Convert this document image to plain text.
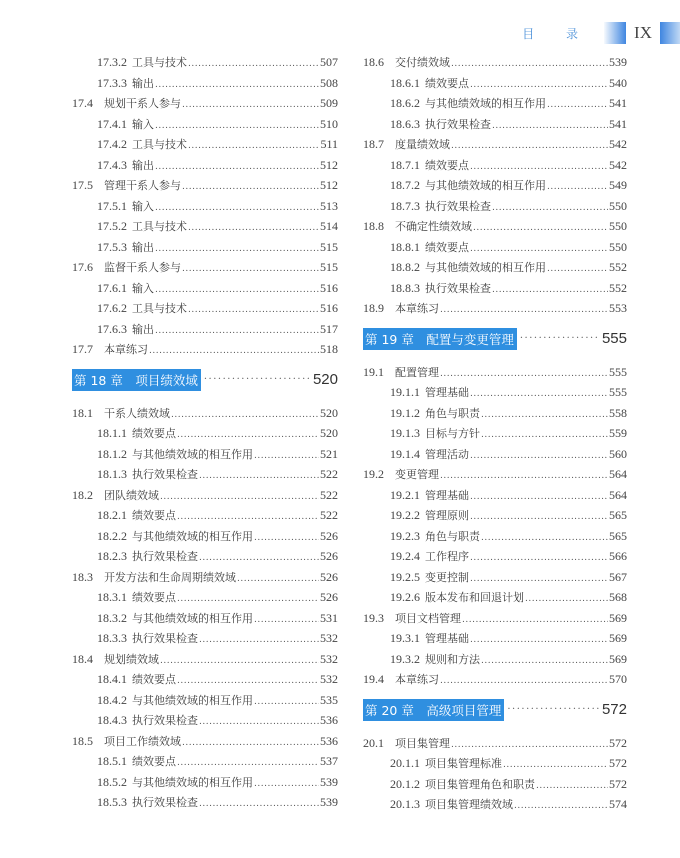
目 录 IX
17.3.2 工具与技术 .....	507
17.3.3 输出 .....	508
17.4	规划干系人参与 .....	509
17.4.1 输入 .....	510
17.4.2 工具与技术 .....	511
17.4.3 输出 .....	512
17.5	管理干系人参与 .....	512
17.5.1 输入 .....	513
17.5.2 工具与技术 .....	514
17.5.3 输出 .....	515
17.6	监督干系人参与 .....	515
17.6.1 输入 .....	516
17.6.2 工具与技术 .....	516
17.6.3 输出 .....	517
17.7	本章练习 .....	518
第 18 章　项目绩效域 ·····	520
18.1	干系人绩效域 .....	520
18.1.1 绩效要点 .....	520
18.1.2 与其他绩效域的相互作用 .....	521
18.1.3 执行效果检查 .....	522
18.2	团队绩效域 .....	522
18.2.1 绩效要点 .....	522
18.2.2 与其他绩效域的相互作用 .....	526
18.2.3 执行效果检查 .....	526
18.3	开发方法和生命周期绩效域 .....	526
18.3.1 绩效要点 .....	526
18.3.2 与其他绩效域的相互作用 .....	531
18.3.3 执行效果检查 .....	532
18.4	规划绩效域 .....	532
18.4.1 绩效要点 .....	532
18.4.2 与其他绩效域的相互作用 .....	535
18.4.3 执行效果检查 .....	536
18.5	项目工作绩效域 .....	536
18.5.1 绩效要点 .....	537
18.5.2 与其他绩效域的相互作用 .....	539
18.5.3 执行效果检查 .....	539
18.6	交付绩效域 .....	539
18.6.1 绩效要点 .....	540
18.6.2 与其他绩效域的相互作用 .....	541
18.6.3 执行效果检查 .....	541
18.7	度量绩效域 .....	542
18.7.1 绩效要点 .....	542
18.7.2 与其他绩效域的相互作用 .....	549
18.7.3 执行效果检查 .....	550
18.8	不确定性绩效域 .....	550
18.8.1 绩效要点 .....	550
18.8.2 与其他绩效域的相互作用 .....	552
18.8.3 执行效果检查 .....	552
18.9	本章练习 .....	553
第 19 章　配置与变更管理 ·····	555
19.1	配置管理 .....	555
19.1.1 管理基础 .....	555
19.1.2 角色与职责 .....	558
19.1.3 目标与方针 .....	559
19.1.4 管理活动 .....	560
19.2	变更管理 .....	564
19.2.1 管理基础 .....	564
19.2.2 管理原则 .....	565
19.2.3 角色与职责 .....	565
19.2.4 工作程序 .....	566
19.2.5 变更控制 .....	567
19.2.6 版本发布和回退计划 .....	568
19.3	项目文档管理 .....	569
19.3.1 管理基础 .....	569
19.3.2 规则和方法 .....	569
19.4	本章练习 .....	570
第 20 章　高级项目管理 ·····	572
20.1	项目集管理 .....	572
20.1.1 项目集管理标准 .....	572
20.1.2 项目集管理角色和职责 .....	572
20.1.3 项目集管理绩效域 .....	574
